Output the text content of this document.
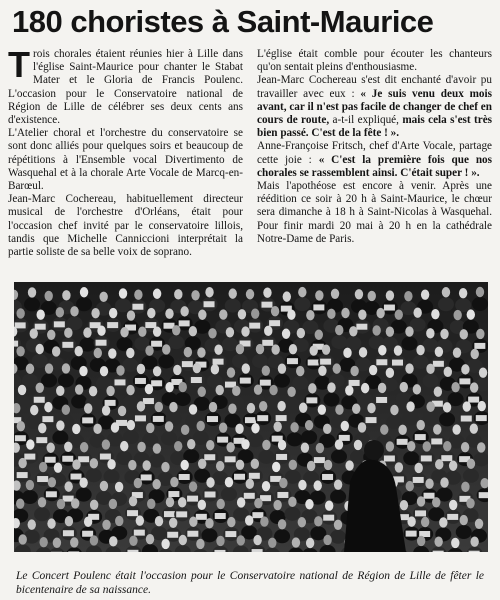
180 choristes à Saint-Maurice

Trois chorales étaient réunies hier à Lille dans l'église Saint-Maurice pour chanter le Stabat Mater et le Gloria de Francis Poulenc. L'occasion pour le Conservatoire national de Région de Lille de célébrer ses deux cents ans d'existence.

L'Atelier choral et l'orchestre du conservatoire se sont donc alliés pour quelques soirs et beaucoup de répétitions à l'Ensemble vocal Divertimento de Wasquehal et à la chorale Arte Vocale de Marcq-en-Barœul.

Jean-Marc Cochereau, habituellement directeur musical de l'orchestre d'Orléans, était pour l'occasion chef invité par le conservatoire lillois, tandis que Michelle Canniccioni interprétait la partie soliste de sa belle voix de soprano.

L'église était comble pour écouter les chanteurs qu'on sentait pleins d'enthousiasme.

Jean-Marc Cochereau s'est dit enchanté d'avoir pu travailler avec eux : « Je suis venu deux mois avant, car il n'est pas facile de changer de chef en cours de route, a-t-il expliqué, mais cela s'est très bien passé. C'est de la fête ! ».

Anne-Françoise Fritsch, chef d'Arte Vocale, partage cette joie : « C'est la première fois que nos chorales se rassemblent ainsi. C'était super ! ».

Mais l'apothéose est encore à venir. Après une réédition ce soir à 20 h à Saint-Maurice, le chœur sera dimanche à 18 h à Saint-Nicolas à Wasquehal. Pour finir mardi 20 mai à 20 h en la cathédrale Notre-Dame de Paris.

Le Concert Poulenc était l'occasion pour le Conservatoire national de Région de Lille de fêter le bicentenaire de sa naissance.
